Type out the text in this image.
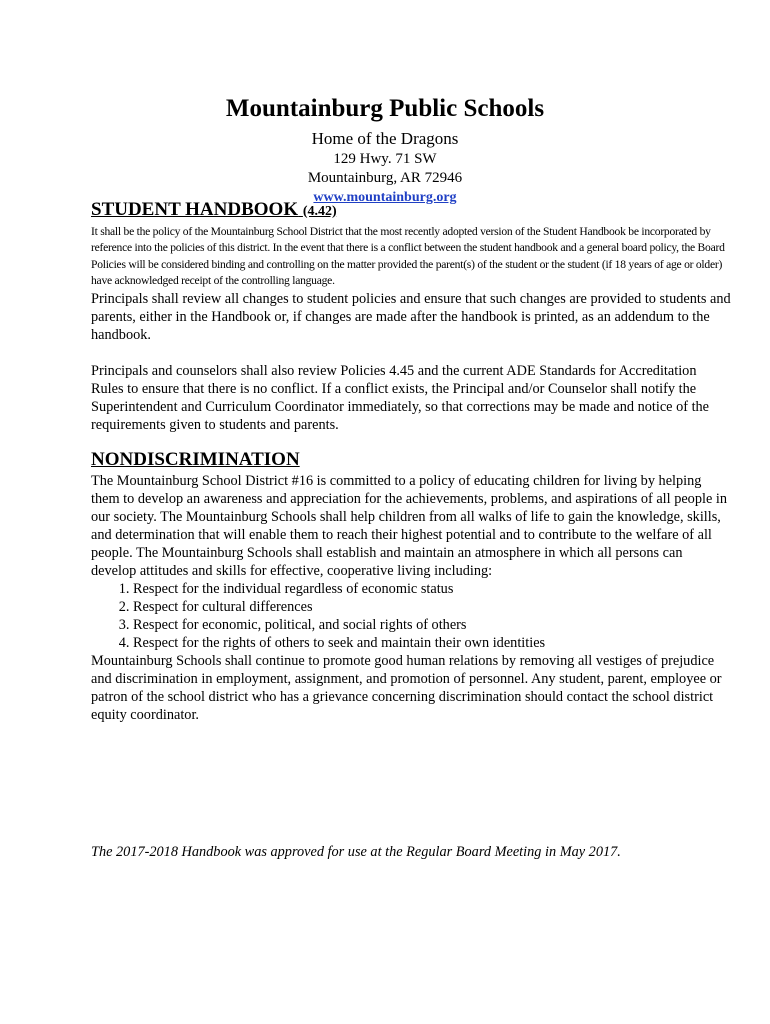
Mountainburg Public Schools
Home of the Dragons
129 Hwy. 71 SW
Mountainburg, AR 72946
www.mountainburg.org
STUDENT HANDBOOK (4.42)

It shall be the policy of the Mountainburg School District that the most recently adopted version of the Student Handbook be incorporated by reference into the policies of this district. In the event that there is a conflict between the student handbook and a general board policy, the Board Policies will be considered binding and controlling on the matter provided the parent(s) of the student or the student (if 18 years of age or older) have acknowledged receipt of the controlling language.

Principals shall review all changes to student policies and ensure that such changes are provided to students and parents, either in the Handbook or, if changes are made after the handbook is printed, as an addendum to the handbook.

Principals and counselors shall also review Policies 4.45 and the current ADE Standards for Accreditation Rules to ensure that there is no conflict. If a conflict exists, the Principal and/or Counselor shall notify the Superintendent and Curriculum Coordinator immediately, so that corrections may be made and notice of the requirements given to students and parents.

NONDISCRIMINATION

The Mountainburg School District #16 is committed to a policy of educating children for living by helping them to develop an awareness and appreciation for the achievements, problems, and aspirations of all people in our society. The Mountainburg Schools shall help children from all walks of life to gain the knowledge, skills, and determination that will enable them to reach their highest potential and to contribute to the welfare of all people. The Mountainburg Schools shall establish and maintain an atmosphere in which all persons can develop attitudes and skills for effective, cooperative living including:

1. Respect for the individual regardless of economic status
2. Respect for cultural differences
3. Respect for economic, political, and social rights of others
4. Respect for the rights of others to seek and maintain their own identities

Mountainburg Schools shall continue to promote good human relations by removing all vestiges of prejudice and discrimination in employment, assignment, and promotion of personnel. Any student, parent, employee or patron of the school district who has a grievance concerning discrimination should contact the school district equity coordinator.

The 2017-2018 Handbook was approved for use at the Regular Board Meeting in May 2017.
